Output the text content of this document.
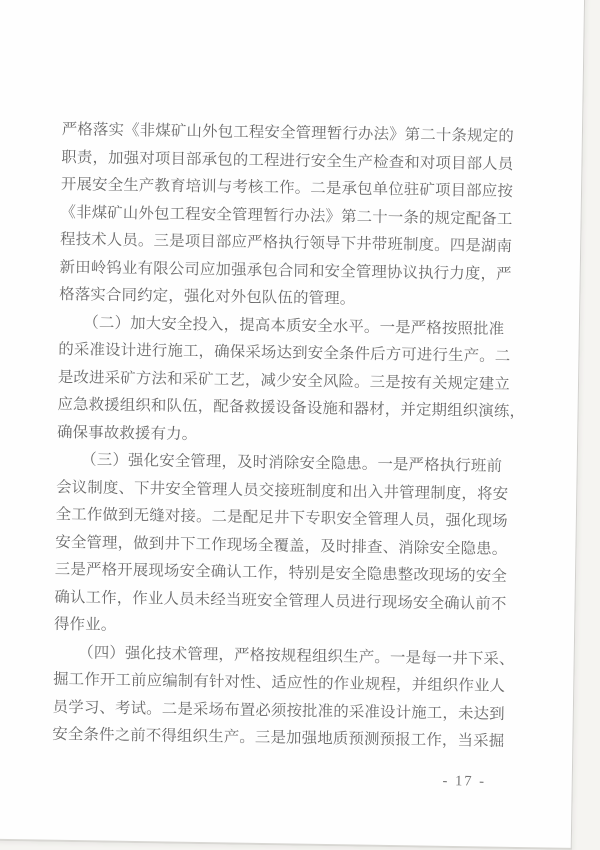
严格落实《非煤矿山外包工程安全管理暂行办法》第二十条规定的
职责，加强对项目部承包的工程进行安全生产检查和对项目部人员
开展安全生产教育培训与考核工作。二是承包单位驻矿项目部应按
《非煤矿山外包工程安全管理暂行办法》第二十一条的规定配备工
程技术人员。三是项目部应严格执行领导下井带班制度。四是湖南
新田岭钨业有限公司应加强承包合同和安全管理协议执行力度，严
格落实合同约定，强化对外包队伍的管理。
（二）加大安全投入，提高本质安全水平。一是严格按照批准
的采准设计进行施工，确保采场达到安全条件后方可进行生产。二
是改进采矿方法和采矿工艺，减少安全风险。三是按有关规定建立
应急救援组织和队伍，配备救援设备设施和器材，并定期组织演练，
确保事故救援有力。
（三）强化安全管理，及时消除安全隐患。一是严格执行班前
会议制度、下井安全管理人员交接班制度和出入井管理制度，将安
全工作做到无缝对接。二是配足井下专职安全管理人员，强化现场
安全管理，做到井下工作现场全覆盖，及时排查、消除安全隐患。
三是严格开展现场安全确认工作，特别是安全隐患整改现场的安全
确认工作，作业人员未经当班安全管理人员进行现场安全确认前不
得作业。
（四）强化技术管理，严格按规程组织生产。一是每一井下采、
掘工作开工前应编制有针对性、适应性的作业规程，并组织作业人
员学习、考试。二是采场布置必须按批准的采准设计施工，未达到
安全条件之前不得组织生产。三是加强地质预测预报工作，当采掘
- 17 -
